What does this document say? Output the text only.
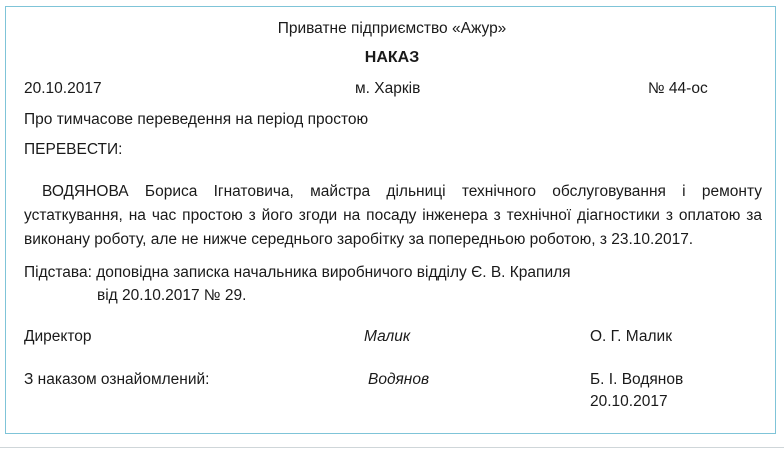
Приватне підприємство «Ажур»
НАКАЗ
20.10.2017	м. Харків	№ 44-ос
Про тимчасове переведення на період простою
ПЕРЕВЕСТИ:
ВОДЯНОВА Бориса Ігнатовича, майстра дільниці технічного обслуговування і ремонту устаткування, на час простою з його згоди на посаду інженера з технічної діагностики з оплатою за виконану роботу, але не нижче середнього заробітку за попередньою роботою, з 23.10.2017.
Підстава: доповідна записка начальника виробничого відділу Є. В. Крапиля
від 20.10.2017 № 29.
Директор	Малик	О. Г. Малик
З наказом ознайомлений:	Водянов	Б. І. Водянов
20.10.2017
